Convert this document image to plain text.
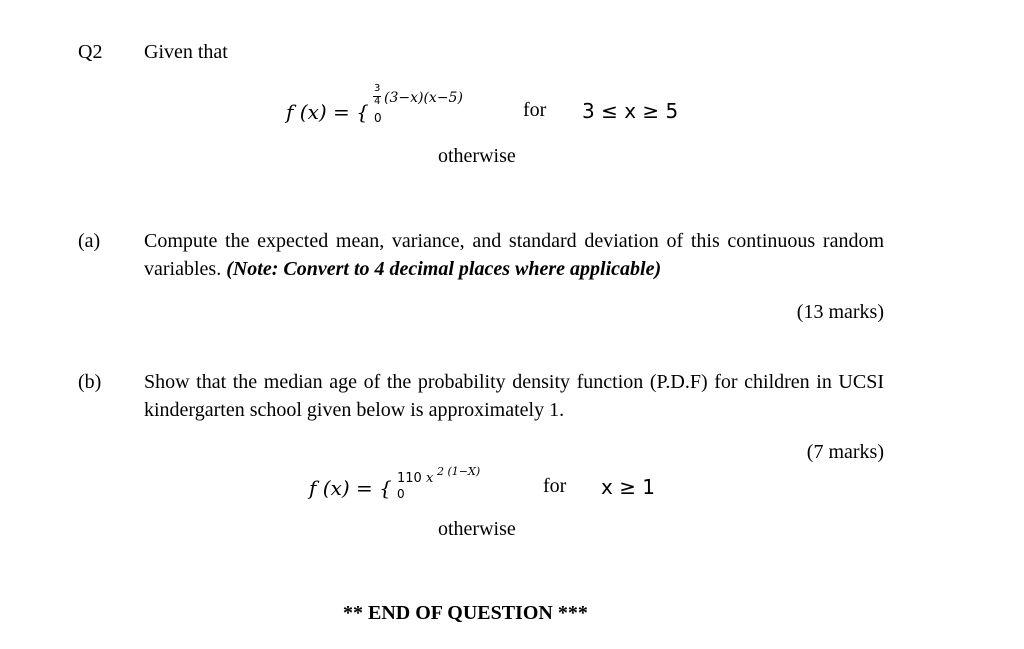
Q2 Given that
f (x) = {
3
4 (3−x)(x−5)
0	for 3 ≤ x ≥ 5
otherwise
(a) Compute the expected mean, variance, and standard deviation of this continuous random variables. (Note: Convert to 4 decimal places where applicable)
(13 marks)
(b) Show that the median age of the probability density function (P.D.F) for children in UCSI kindergarten school given below is approximately 1.
(7 marks)
f (x) = { 110 x 2 (1−X)
0	for x ≥ 1
otherwise
** END OF QUESTION ***
